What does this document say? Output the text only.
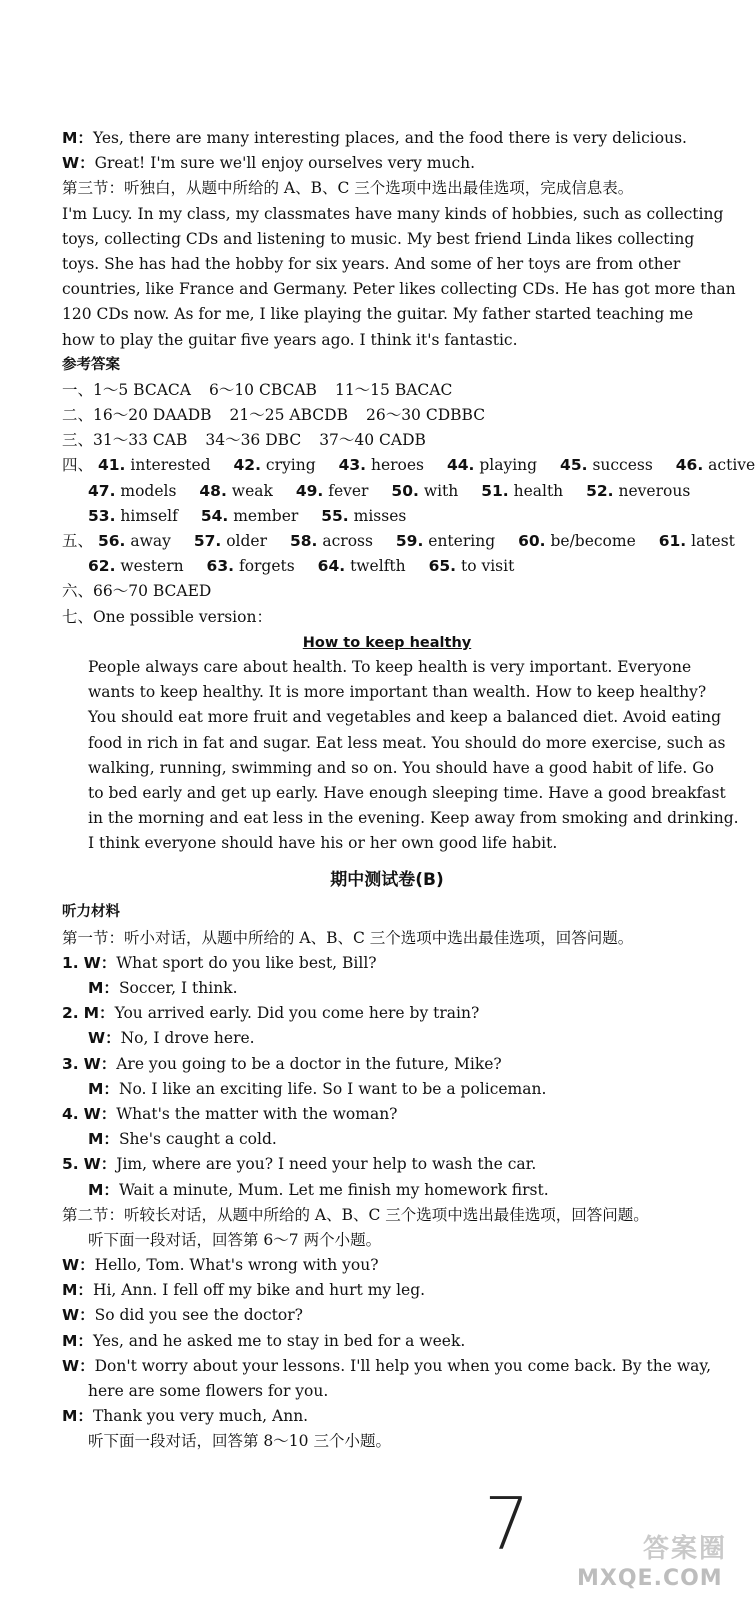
M：Yes, there are many interesting places, and the food there is very delicious.
W：Great! I'm sure we'll enjoy ourselves very much.
第三节：听独白，从题中所给的 A、B、C 三个选项中选出最佳选项，完成信息表。
I'm Lucy. In my class, my classmates have many kinds of hobbies, such as collecting
toys, collecting CDs and listening to music. My best friend Linda likes collecting
toys. She has had the hobby for six years. And some of her toys are from other
countries, like France and Germany. Peter likes collecting CDs. He has got more than
120 CDs now. As for me, I like playing the guitar. My father started teaching me
how to play the guitar five years ago. I think it's fantastic.
参考答案
一、1～5 BCACA 6～10 CBCAB 11～15 BACAC
二、16～20 DAADB 21～25 ABCDB 26～30 CDBBC
三、31～33 CAB 34～36 DBC 37～40 CADB
四、 41. interested 42. crying 43. heroes 44. playing 45. success 46. active
47. models 48. weak 49. fever 50. with 51. health 52. neverous
53. himself 54. member 55. misses
五、 56. away 57. older 58. across 59. entering 60. be/become 61. latest
62. western 63. forgets 64. twelfth 65. to visit
六、66～70 BCAED
七、One possible version：
How to keep healthy
People always care about health. To keep health is very important. Everyone
wants to keep healthy. It is more important than wealth. How to keep healthy?
You should eat more fruit and vegetables and keep a balanced diet. Avoid eating
food in rich in fat and sugar. Eat less meat. You should do more exercise, such as
walking, running, swimming and so on. You should have a good habit of life. Go
to bed early and get up early. Have enough sleeping time. Have a good breakfast
in the morning and eat less in the evening. Keep away from smoking and drinking.
I think everyone should have his or her own good life habit.
期中测试卷(B)
听力材料
第一节：听小对话，从题中所给的 A、B、C 三个选项中选出最佳选项，回答问题。
1. W：What sport do you like best, Bill?
M：Soccer, I think.
2. M：You arrived early. Did you come here by train?
W：No, I drove here.
3. W：Are you going to be a doctor in the future, Mike?
M：No. I like an exciting life. So I want to be a policeman.
4. W：What's the matter with the woman?
M：She's caught a cold.
5. W：Jim, where are you? I need your help to wash the car.
M：Wait a minute, Mum. Let me finish my homework first.
第二节：听较长对话，从题中所给的 A、B、C 三个选项中选出最佳选项，回答问题。
听下面一段对话，回答第 6～7 两个小题。
W：Hello, Tom. What's wrong with you?
M：Hi, Ann. I fell off my bike and hurt my leg.
W：So did you see the doctor?
M：Yes, and he asked me to stay in bed for a week.
W：Don't worry about your lessons. I'll help you when you come back. By the way,
here are some flowers for you.
M：Thank you very much, Ann.
听下面一段对话，回答第 8～10 三个小题。
7	答案圈
MXQE.COM
